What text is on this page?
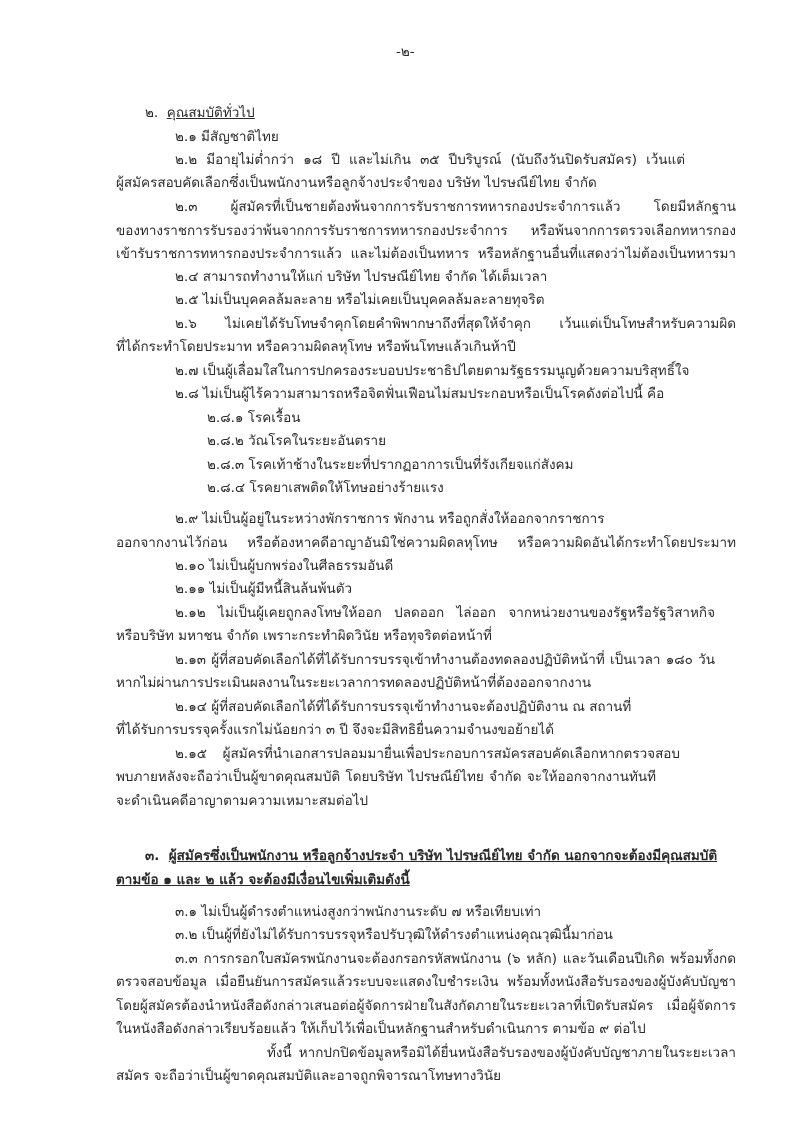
-๒-
๒. คุณสมบัติทั่วไป
๒.๑ มีสัญชาติไทย
๒.๒ มีอายุไม่ต่ำกว่า ๑๘ ปี และไม่เกิน ๓๕ ปีบริบูรณ์ (นับถึงวันปิดรับสมัคร) เว้นแต่
ผู้สมัครสอบคัดเลือกซึ่งเป็นพนักงานหรือลูกจ้างประจำของ บริษัท ไปรษณีย์ไทย จำกัด
๒.๓ ผู้สมัครที่เป็นชายต้องพ้นจากการรับราชการทหารกองประจำการแล้ว โดยมีหลักฐาน
ของทางราชการรับรองว่าพ้นจากการรับราชการทหารกองประจำการ หรือพ้นจากการตรวจเลือกทหารกอง
เข้ารับราชการทหารกองประจำการแล้ว และไม่ต้องเป็นทหาร หรือหลักฐานอื่นที่แสดงว่าไม่ต้องเป็นทหารมา
๒.๔ สามารถทำงานให้แก่ บริษัท ไปรษณีย์ไทย จำกัด ได้เต็มเวลา
๒.๕ ไม่เป็นบุคคลล้มละลาย หรือไม่เคยเป็นบุคคลล้มละลายทุจริต
๒.๖ ไม่เคยได้รับโทษจำคุกโดยคำพิพากษาถึงที่สุดให้จำคุก เว้นแต่เป็นโทษสำหรับความผิด
ที่ได้กระทำโดยประมาท หรือความผิดลหุโทษ หรือพ้นโทษแล้วเกินห้าปี
๒.๗ เป็นผู้เลื่อมใสในการปกครองระบอบประชาธิปไตยตามรัฐธรรมนูญด้วยความบริสุทธิ์ใจ
๒.๘ ไม่เป็นผู้ไร้ความสามารถหรือจิตฟั่นเฟือนไม่สมประกอบหรือเป็นโรคดังต่อไปนี้ คือ
๒.๘.๑ โรคเรื้อน
๒.๘.๒ วัณโรคในระยะอันตราย
๒.๘.๓ โรคเท้าช้างในระยะที่ปรากฏอาการเป็นที่รังเกียจแก่สังคม
๒.๘.๔ โรคยาเสพติดให้โทษอย่างร้ายแรง
๒.๙ ไม่เป็นผู้อยู่ในระหว่างพักราชการ พักงาน หรือถูกสั่งให้ออกจากราชการ
ออกจากงานไว้ก่อน หรือต้องหาคดีอาญาอันมิใช่ความผิดลหุโทษ หรือความผิดอันได้กระทำโดยประมาท
๒.๑๐ ไม่เป็นผู้บกพร่องในศีลธรรมอันดี
๒.๑๑ ไม่เป็นผู้มีหนี้สินล้นพ้นตัว
๒.๑๒ ไม่เป็นผู้เคยถูกลงโทษให้ออก ปลดออก ไล่ออก จากหน่วยงานของรัฐหรือรัฐวิสาหกิจ
หรือบริษัท มหาชน จำกัด เพราะกระทำผิดวินัย หรือทุจริตต่อหน้าที่
๒.๑๓ ผู้ที่สอบคัดเลือกได้ที่ได้รับการบรรจุเข้าทำงานต้องทดลองปฏิบัติหน้าที่ เป็นเวลา ๑๘๐ วัน
หากไม่ผ่านการประเมินผลงานในระยะเวลาการทดลองปฏิบัติหน้าที่ต้องออกจากงาน
๒.๑๔ ผู้ที่สอบคัดเลือกได้ที่ได้รับการบรรจุเข้าทำงานจะต้องปฏิบัติงาน ณ สถานที่
ที่ได้รับการบรรจุครั้งแรกไม่น้อยกว่า ๓ ปี จึงจะมีสิทธิยื่นความจำนงขอย้ายได้
๒.๑๕ ผู้สมัครที่นำเอกสารปลอมมายื่นเพื่อประกอบการสมัครสอบคัดเลือกหากตรวจสอบ
พบภายหลังจะถือว่าเป็นผู้ขาดคุณสมบัติ โดยบริษัท ไปรษณีย์ไทย จำกัด จะให้ออกจากงานทันที
จะดำเนินคดีอาญาตามความเหมาะสมต่อไป
๓. ผู้สมัครซึ่งเป็นพนักงาน หรือลูกจ้างประจำ บริษัท ไปรษณีย์ไทย จำกัด นอกจากจะต้องมีคุณสมบัติ
ตามข้อ ๑ และ ๒ แล้ว จะต้องมีเงื่อนไขเพิ่มเติมดังนี้
๓.๑ ไม่เป็นผู้ดำรงตำแหน่งสูงกว่าพนักงานระดับ ๗ หรือเทียบเท่า
๓.๒ เป็นผู้ที่ยังไม่ได้รับการบรรจุหรือปรับวุฒิให้ดำรงตำแหน่งคุณวุฒินี้มาก่อน
๓.๓ การกรอกใบสมัครพนักงานจะต้องกรอกรหัสพนักงาน (๖ หลัก) และวันเดือนปีเกิด พร้อมทั้งกด
ตรวจสอบข้อมูล เมื่อยืนยันการสมัครแล้วระบบจะแสดงใบชำระเงิน พร้อมทั้งหนังสือรับรองของผู้บังคับบัญชา
โดยผู้สมัครต้องนำหนังสือดังกล่าวเสนอต่อผู้จัดการฝ่ายในสังกัดภายในระยะเวลาที่เปิดรับสมัคร เมื่อผู้จัดการ
ในหนังสือดังกล่าวเรียบร้อยแล้ว ให้เก็บไว้เพื่อเป็นหลักฐานสำหรับดำเนินการ ตามข้อ ๙ ต่อไป
ทั้งนี้ หากปกปิดข้อมูลหรือมิได้ยื่นหนังสือรับรองของผู้บังคับบัญชาภายในระยะเวลา
สมัคร จะถือว่าเป็นผู้ขาดคุณสมบัติและอาจถูกพิจารณาโทษทางวินัย
